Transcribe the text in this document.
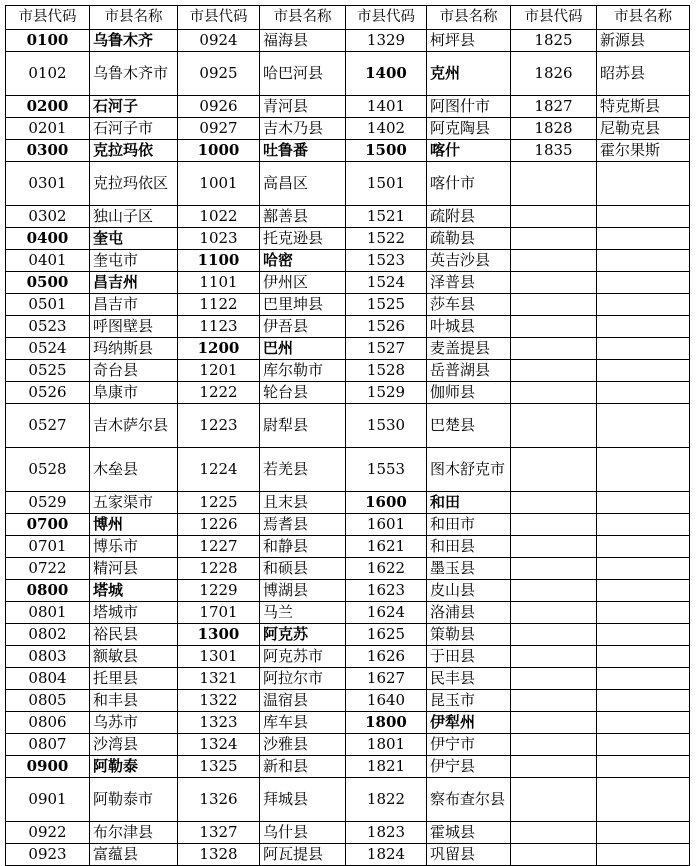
市县代码	市县名称	市县代码	市县名称	市县代码	市县名称	市县代码	市县名称
0100	乌鲁木齐	0924	福海县	1329	柯坪县	1825	新源县
0102	乌鲁木齐市	0925	哈巴河县	1400	克州	1826	昭苏县
0200	石河子	0926	青河县	1401	阿图什市	1827	特克斯县
0201	石河子市	0927	吉木乃县	1402	阿克陶县	1828	尼勒克县
0300	克拉玛依	1000	吐鲁番	1500	喀什	1835	霍尔果斯
0301	克拉玛依区	1001	高昌区	1501	喀什市		
0302	独山子区	1022	鄯善县	1521	疏附县		
0400	奎屯	1023	托克逊县	1522	疏勒县		
0401	奎屯市	1100	哈密	1523	英吉沙县		
0500	昌吉州	1101	伊州区	1524	泽普县		
0501	昌吉市	1122	巴里坤县	1525	莎车县		
0523	呼图壁县	1123	伊吾县	1526	叶城县		
0524	玛纳斯县	1200	巴州	1527	麦盖提县		
0525	奇台县	1201	库尔勒市	1528	岳普湖县		
0526	阜康市	1222	轮台县	1529	伽师县		
0527	吉木萨尔县	1223	尉犁县	1530	巴楚县		
0528	木垒县	1224	若羌县	1553	图木舒克市		
0529	五家渠市	1225	且末县	1600	和田		
0700	博州	1226	焉耆县	1601	和田市		
0701	博乐市	1227	和静县	1621	和田县		
0722	精河县	1228	和硕县	1622	墨玉县		
0800	塔城	1229	博湖县	1623	皮山县		
0801	塔城市	1701	马兰	1624	洛浦县		
0802	裕民县	1300	阿克苏	1625	策勒县		
0803	额敏县	1301	阿克苏市	1626	于田县		
0804	托里县	1321	阿拉尔市	1627	民丰县		
0805	和丰县	1322	温宿县	1640	昆玉市		
0806	乌苏市	1323	库车县	1800	伊犁州		
0807	沙湾县	1324	沙雅县	1801	伊宁市		
0900	阿勒泰	1325	新和县	1821	伊宁县		
0901	阿勒泰市	1326	拜城县	1822	察布查尔县		
0922	布尔津县	1327	乌什县	1823	霍城县		
0923	富蕴县	1328	阿瓦提县	1824	巩留县		
